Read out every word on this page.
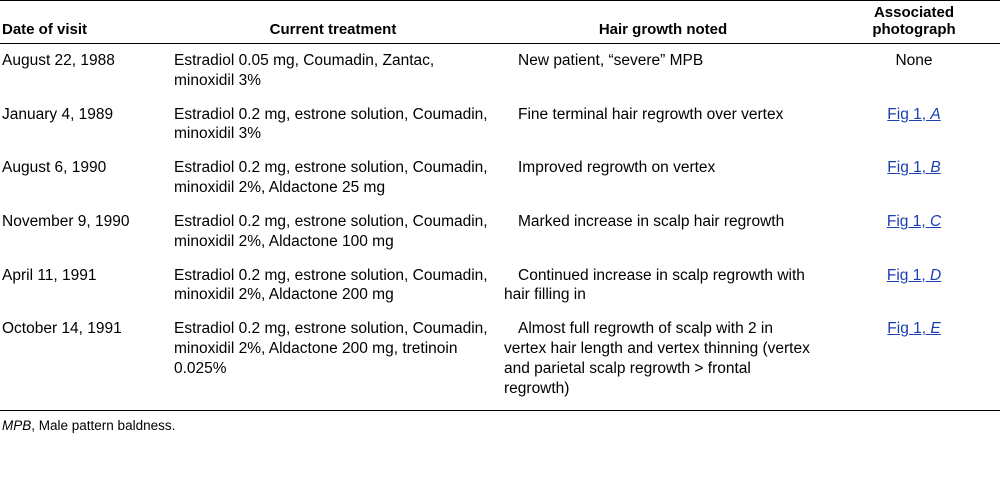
Date of visit	Current treatment	Hair growth noted	Associated photograph
August 22, 1988	Estradiol 0.05 mg, Coumadin, Zantac, minoxidil 3%	New patient, “severe” MPB	None
January 4, 1989	Estradiol 0.2 mg, estrone solution, Coumadin, minoxidil 3%	Fine terminal hair regrowth over vertex	Fig 1, A
August 6, 1990	Estradiol 0.2 mg, estrone solution, Coumadin, minoxidil 2%, Aldactone 25 mg	Improved regrowth on vertex	Fig 1, B
November 9, 1990	Estradiol 0.2 mg, estrone solution, Coumadin, minoxidil 2%, Aldactone 100 mg	Marked increase in scalp hair regrowth	Fig 1, C
April 11, 1991	Estradiol 0.2 mg, estrone solution, Coumadin, minoxidil 2%, Aldactone 200 mg	Continued increase in scalp regrowth with hair filling in	Fig 1, D
October 14, 1991	Estradiol 0.2 mg, estrone solution, Coumadin, minoxidil 2%, Aldactone 200 mg, tretinoin 0.025%	Almost full regrowth of scalp with 2 in vertex hair length and vertex thinning (vertex and parietal scalp regrowth > frontal regrowth)	Fig 1, E
MPB, Male pattern baldness.
